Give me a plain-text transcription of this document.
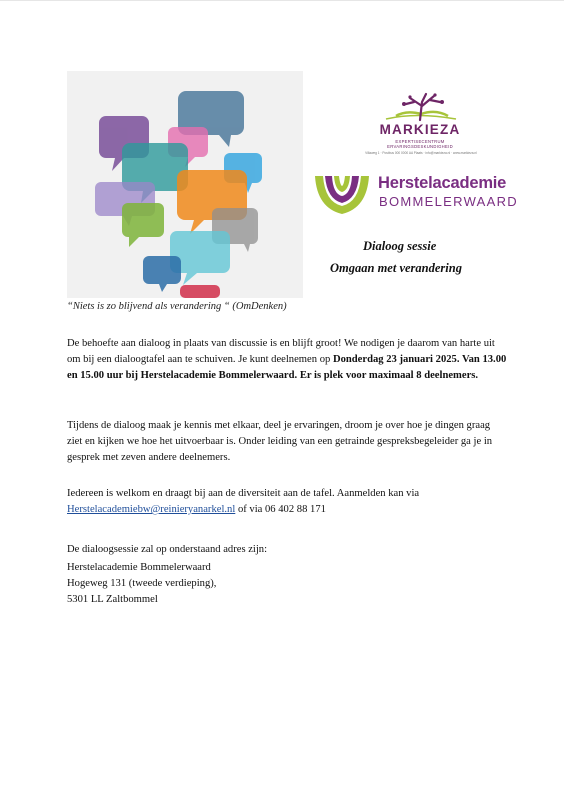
“Niets is zo blijvend als verandering “ (OmDenken)
MARKIEZA
EXPERTISECENTRUM
ERVARINGSDESKUNDIGHEID
Villaweg 1 · Postbus 000 0000 AA Plaats · info@markieza.nl · www.markieza.nl
Herstelacademie
BOMMELERWAARD
Dialoog sessie
Omgaan met verandering
De behoefte aan dialoog in plaats van discussie is en blijft groot! We nodigen je daarom van harte uit om bij een dialoogtafel aan te schuiven. Je kunt deelnemen op Donderdag 23 januari 2025. Van 13.00 en 15.00 uur bij Herstelacademie Bommelerwaard. Er is plek voor maximaal 8 deelnemers.
Tijdens de dialoog maak je kennis met elkaar, deel je ervaringen, droom je over hoe je dingen graag ziet en kijken we hoe het uitvoerbaar is. Onder leiding van een getrainde gespreksbegeleider ga je in gesprek met zeven andere deelnemers.
Iedereen is welkom en draagt bij aan de diversiteit aan de tafel. Aanmelden kan via
Herstelacademiebw@reinieryanarkel.nl of via 06 402 88 171
De dialoogsessie zal op onderstaand adres zijn:
Herstelacademie Bommelerwaard
Hogeweg 131 (tweede verdieping),
5301 LL Zaltbommel
